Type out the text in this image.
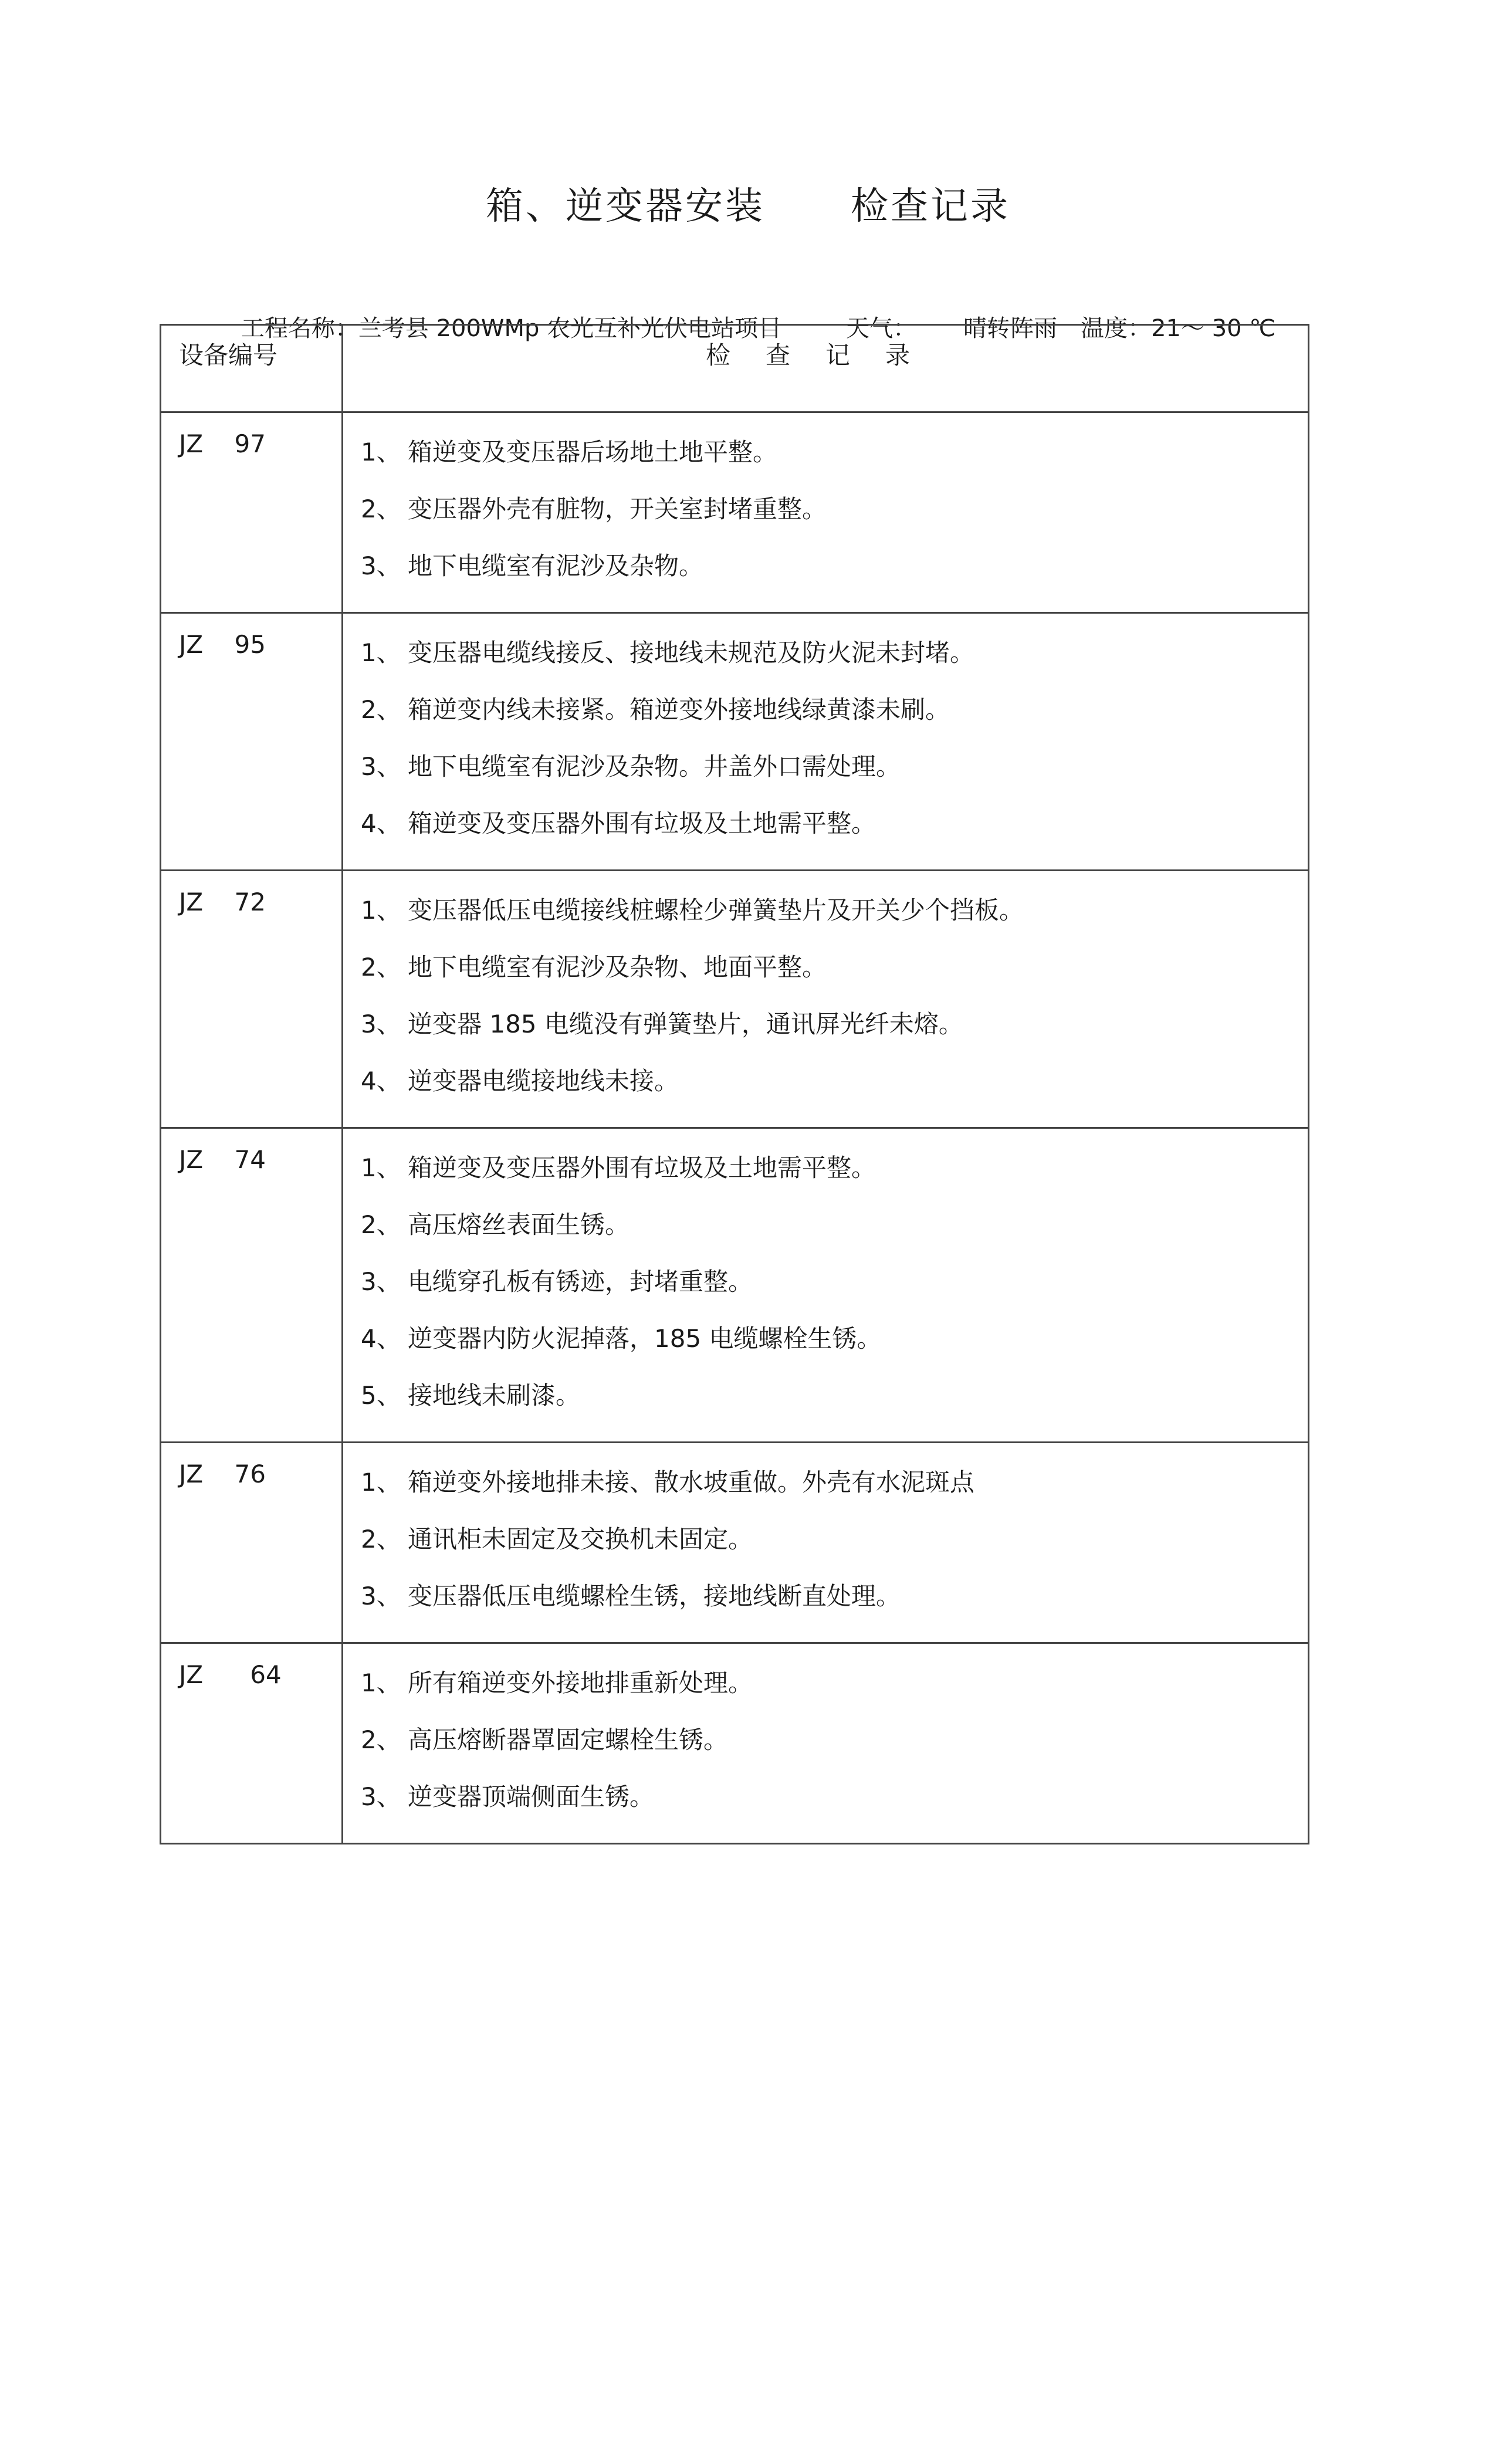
箱、逆变器安装      检查记录

工程名称：兰考县 200WMp 农光互补光伏电站项目	天气： 晴转阵雨 温度：21～ 30 ℃

设备编号	检查记录
JZ    97	1、 箱逆变及变压器后场地土地平整。
2、 变压器外壳有脏物，开关室封堵重整。
3、 地下电缆室有泥沙及杂物。

JZ    95	1、 变压器电缆线接反、接地线未规范及防火泥未封堵。
2、 箱逆变内线未接紧。箱逆变外接地线绿黄漆未刷。
3、 地下电缆室有泥沙及杂物。井盖外口需处理。
4、 箱逆变及变压器外围有垃圾及土地需平整。

JZ    72	1、 变压器低压电缆接线桩螺栓少弹簧垫片及开关少个挡板。
2、 地下电缆室有泥沙及杂物、地面平整。
3、 逆变器 185 电缆没有弹簧垫片，通讯屏光纤未熔。
4、 逆变器电缆接地线未接。

JZ    74	1、 箱逆变及变压器外围有垃圾及土地需平整。
2、 高压熔丝表面生锈。
3、 电缆穿孔板有锈迹，封堵重整。
4、 逆变器内防火泥掉落，185 电缆螺栓生锈。
5、 接地线未刷漆。

JZ    76	1、 箱逆变外接地排未接、散水坡重做。外壳有水泥斑点
2、 通讯柜未固定及交换机未固定。
3、 变压器低压电缆螺栓生锈，接地线断直处理。

JZ      64	1、 所有箱逆变外接地排重新处理。
2、 高压熔断器罩固定螺栓生锈。
3、 逆变器顶端侧面生锈。
